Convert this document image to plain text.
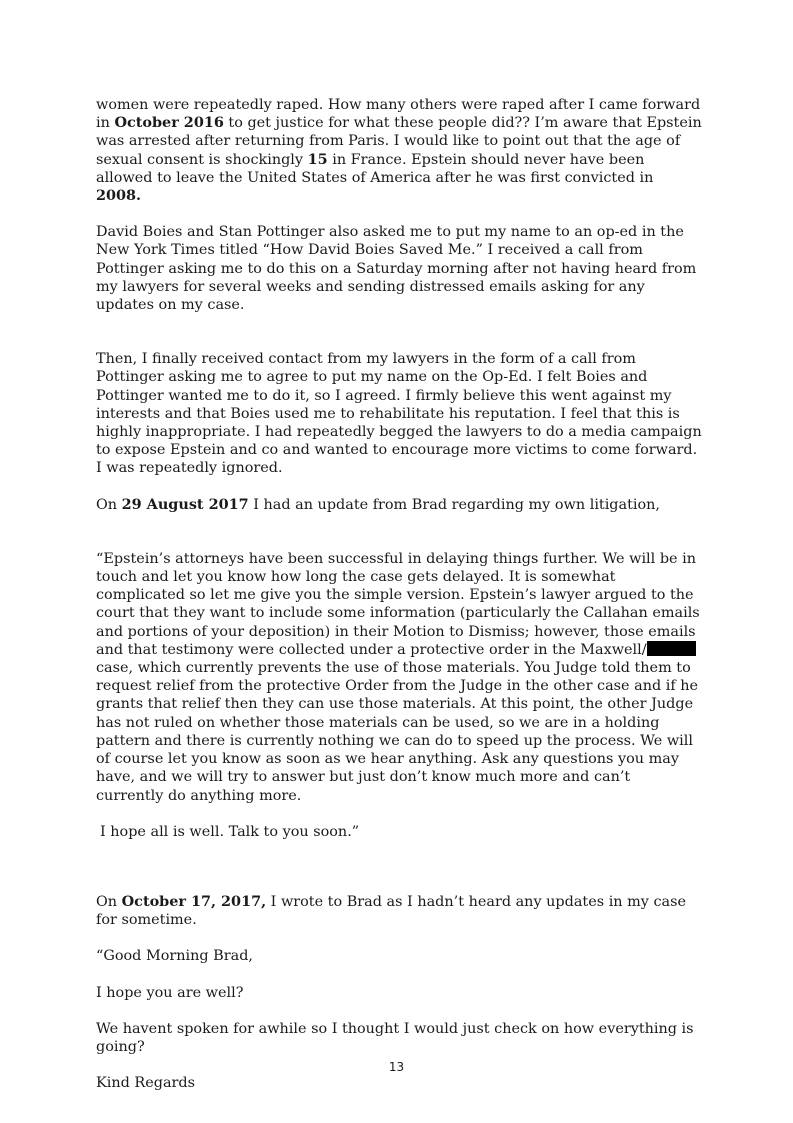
women were repeatedly raped. How many others were raped after I came forward in October 2016 to get justice for what these people did?? I’m aware that Epstein was arrested after returning from Paris. I would like to point out that the age of sexual consent is shockingly 15 in France. Epstein should never have been allowed to leave the United States of America after he was first convicted in 2008.

David Boies and Stan Pottinger also asked me to put my name to an op-ed in the New York Times titled “How David Boies Saved Me.” I received a call from Pottinger asking me to do this on a Saturday morning after not having heard from my lawyers for several weeks and sending distressed emails asking for any updates on my case.

Then, I finally received contact from my lawyers in the form of a call from Pottinger asking me to agree to put my name on the Op-Ed. I felt Boies and Pottinger wanted me to do it, so I agreed. I firmly believe this went against my interests and that Boies used me to rehabilitate his reputation. I feel that this is highly inappropriate. I had repeatedly begged the lawyers to do a media campaign to expose Epstein and co and wanted to encourage more victims to come forward. I was repeatedly ignored.

On 29 August 2017 I had an update from Brad regarding my own litigation,

“Epstein’s attorneys have been successful in delaying things further. We will be in touch and let you know how long the case gets delayed. It is somewhat complicated so let me give you the simple version. Epstein’s lawyer argued to the court that they want to include some information (particularly the Callahan emails and portions of your deposition) in their Motion to Dismiss; however, those emails and that testimony were collected under a protective order in the Maxwell/ case, which currently prevents the use of those materials. You Judge told them to request relief from the protective Order from the Judge in the other case and if he grants that relief then they can use those materials. At this point, the other Judge has not ruled on whether those materials can be used, so we are in a holding pattern and there is currently nothing we can do to speed up the process. We will of course let you know as soon as we hear anything. Ask any questions you may have, and we will try to answer but just don’t know much more and can’t currently do anything more.

I hope all is well. Talk to you soon.”

On October 17, 2017, I wrote to Brad as I hadn’t heard any updates in my case for sometime.

“Good Morning Brad,

I hope you are well?

We havent spoken for awhile so I thought I would just check on how everything is going?

Kind Regards

13
